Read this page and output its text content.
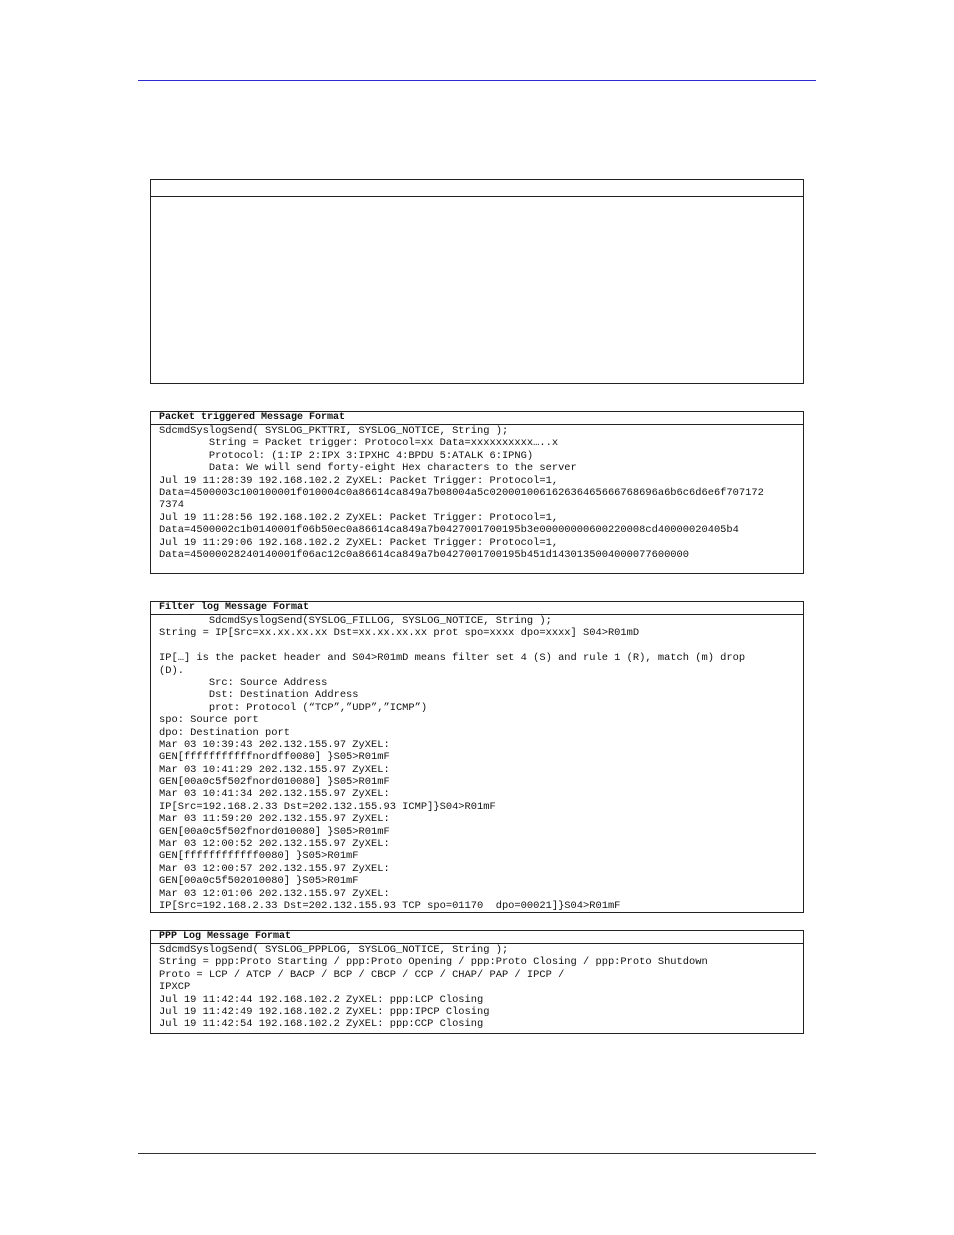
Packet triggered Message Format
SdcmdSyslogSend( SYSLOG_PKTTRI, SYSLOG_NOTICE, String );
String = Packet trigger: Protocol=xx Data=xxxxxxxxxx…..x
Protocol: (1:IP 2:IPX 3:IPXHC 4:BPDU 5:ATALK 6:IPNG)
Data: We will send forty-eight Hex characters to the server
Jul 19 11:28:39 192.168.102.2 ZyXEL: Packet Trigger: Protocol=1,
Data=4500003c100100001f010004c0a86614ca849a7b08004a5c020001006162636465666768696a6b6c6d6e6f707172
7374
Jul 19 11:28:56 192.168.102.2 ZyXEL: Packet Trigger: Protocol=1,
Data=4500002c1b0140001f06b50ec0a86614ca849a7b0427001700195b3e00000000600220008cd40000020405b4
Jul 19 11:29:06 192.168.102.2 ZyXEL: Packet Trigger: Protocol=1,
Data=45000028240140001f06ac12c0a86614ca849a7b0427001700195b451d1430135004000077600000
Filter log Message Format
SdcmdSyslogSend(SYSLOG_FILLOG, SYSLOG_NOTICE, String );
String = IP[Src=xx.xx.xx.xx Dst=xx.xx.xx.xx prot spo=xxxx dpo=xxxx] S04>R01mD
IP[…] is the packet header and S04>R01mD means filter set 4 (S) and rule 1 (R), match (m) drop
(D).
Src: Source Address
Dst: Destination Address
prot: Protocol (“TCP”,”UDP”,”ICMP”)
spo: Source port
dpo: Destination port
Mar 03 10:39:43 202.132.155.97 ZyXEL:
GEN[fffffffffffnordff0080] }S05>R01mF
Mar 03 10:41:29 202.132.155.97 ZyXEL:
GEN[00a0c5f502fnord010080] }S05>R01mF
Mar 03 10:41:34 202.132.155.97 ZyXEL:
IP[Src=192.168.2.33 Dst=202.132.155.93 ICMP]}S04>R01mF
Mar 03 11:59:20 202.132.155.97 ZyXEL:
GEN[00a0c5f502fnord010080] }S05>R01mF
Mar 03 12:00:52 202.132.155.97 ZyXEL:
GEN[ffffffffffff0080] }S05>R01mF
Mar 03 12:00:57 202.132.155.97 ZyXEL:
GEN[00a0c5f502010080] }S05>R01mF
Mar 03 12:01:06 202.132.155.97 ZyXEL:
IP[Src=192.168.2.33 Dst=202.132.155.93 TCP spo=01170  dpo=00021]}S04>R01mF
PPP Log Message Format
SdcmdSyslogSend( SYSLOG_PPPLOG, SYSLOG_NOTICE, String );
String = ppp:Proto Starting / ppp:Proto Opening / ppp:Proto Closing / ppp:Proto Shutdown
Proto = LCP / ATCP / BACP / BCP / CBCP / CCP / CHAP/ PAP / IPCP /
IPXCP
Jul 19 11:42:44 192.168.102.2 ZyXEL: ppp:LCP Closing
Jul 19 11:42:49 192.168.102.2 ZyXEL: ppp:IPCP Closing
Jul 19 11:42:54 192.168.102.2 ZyXEL: ppp:CCP Closing
